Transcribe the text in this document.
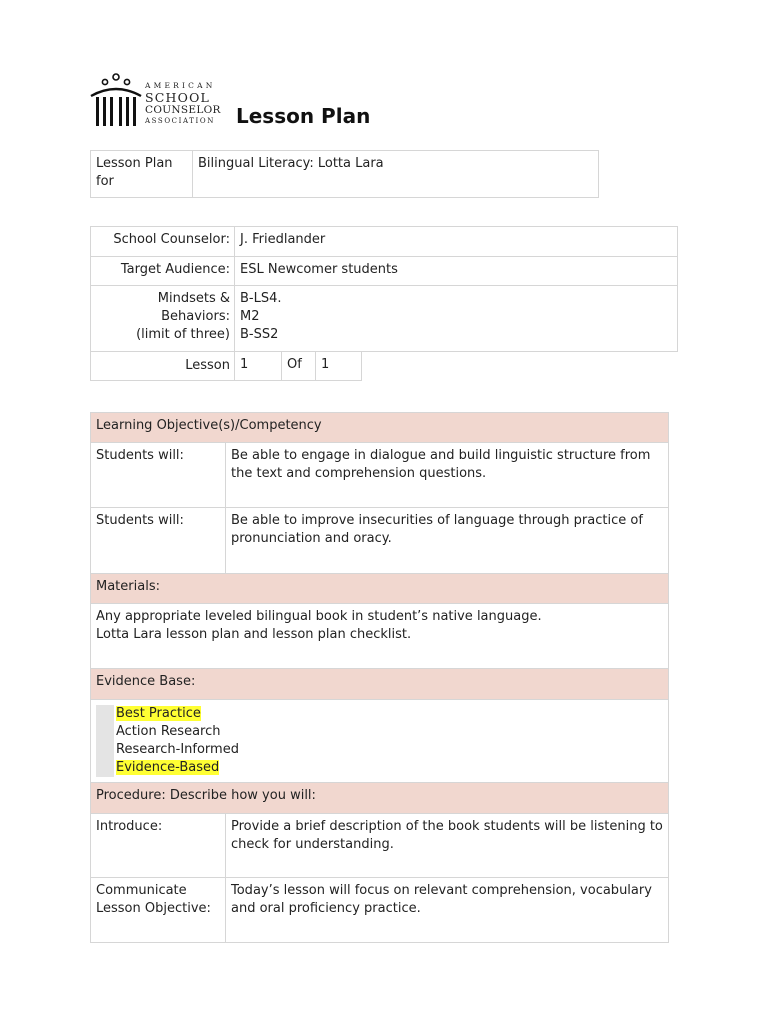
AMERICAN
SCHOOL
COUNSELOR
ASSOCIATION Lesson Plan
Lesson Plan
for	Bilingual Literacy: Lotta Lara
School Counselor:	J. Friedlander			
Target Audience:	ESL Newcomer students			
Mindsets &
Behaviors:
(limit of three)	B-LS4.
M2
B-SS2			
Lesson	1	Of	1	
Learning Objective(s)/Competency	
Students will:	Be able to engage in dialogue and build linguistic structure from the text and comprehension questions.
Students will:	Be able to improve insecurities of language through practice of pronunciation and oracy.
Materials:	
Any appropriate leveled bilingual book in student’s native language.
Lotta Lara lesson plan and lesson plan checklist.	
Evidence Base:	

Best Practice
Action Research
Research-Informed
Evidence-Based	

Procedure: Describe how you will:	
Introduce:	Provide a brief description of the book students will be listening to check for understanding.
Communicate
Lesson Objective:	Today’s lesson will focus on relevant comprehension, vocabulary and oral proficiency practice.
